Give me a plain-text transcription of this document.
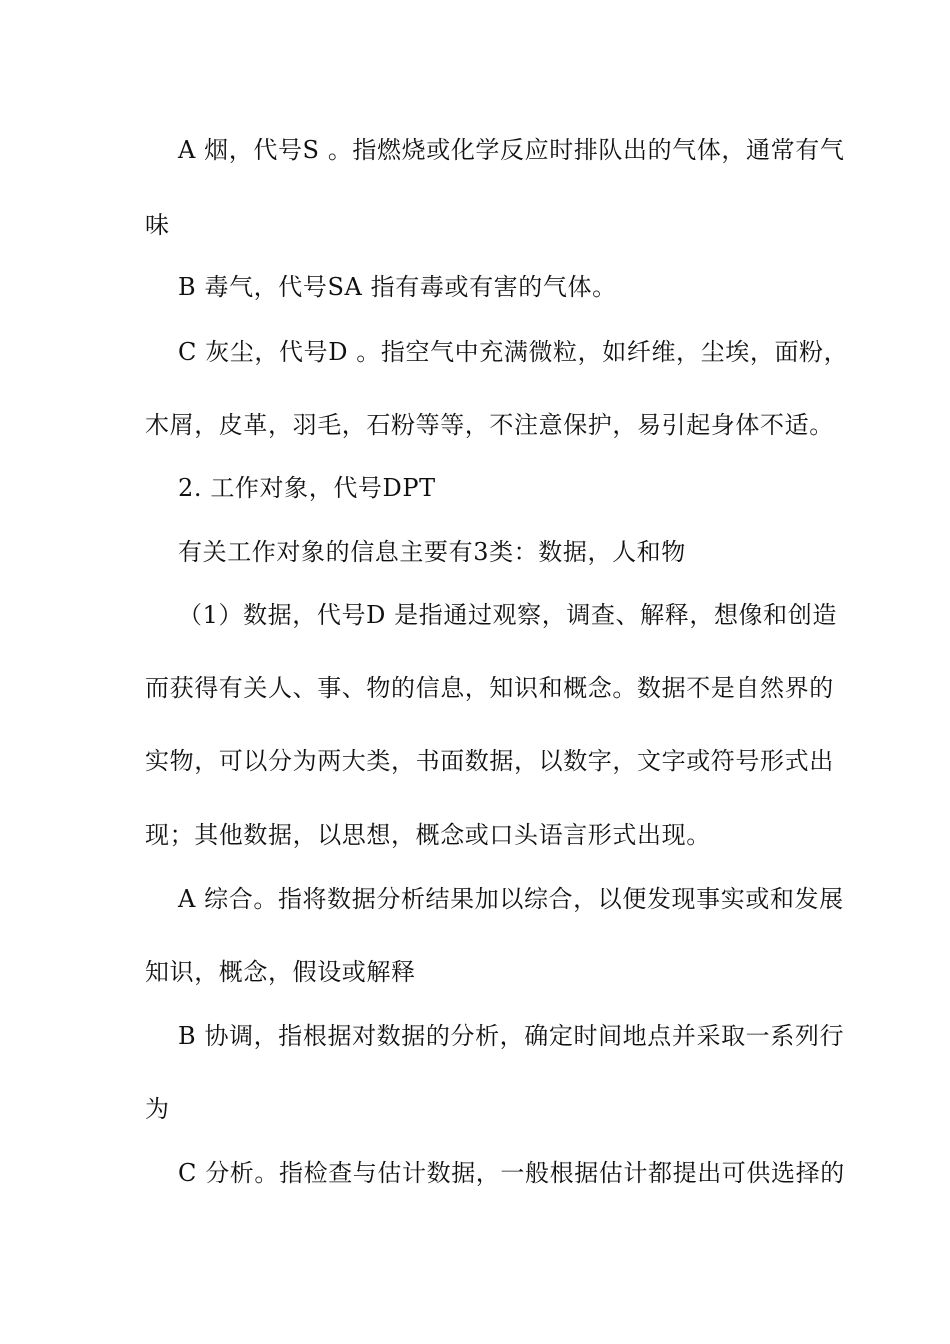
A 烟，代号S 。指燃烧或化学反应时排队出的气体，通常有气
味
B 毒气，代号SA 指有毒或有害的气体。
C 灰尘，代号D 。指空气中充满微粒，如纤维，尘埃，面粉，
木屑，皮革，羽毛，石粉等等，不注意保护，易引起身体不适。
2. 工作对象，代号DPT
有关工作对象的信息主要有3类：数据，人和物
（1）数据，代号D 是指通过观察，调查、解释，想像和创造
而获得有关人、事、物的信息，知识和概念。数据不是自然界的
实物，可以分为两大类，书面数据，以数字，文字或符号形式出
现；其他数据，以思想，概念或口头语言形式出现。
A 综合。指将数据分析结果加以综合，以便发现事实或和发展
知识，概念，假设或解释
B 协调，指根据对数据的分析，确定时间地点并采取一系列行
为
C 分析。指检查与估计数据，一般根据估计都提出可供选择的
